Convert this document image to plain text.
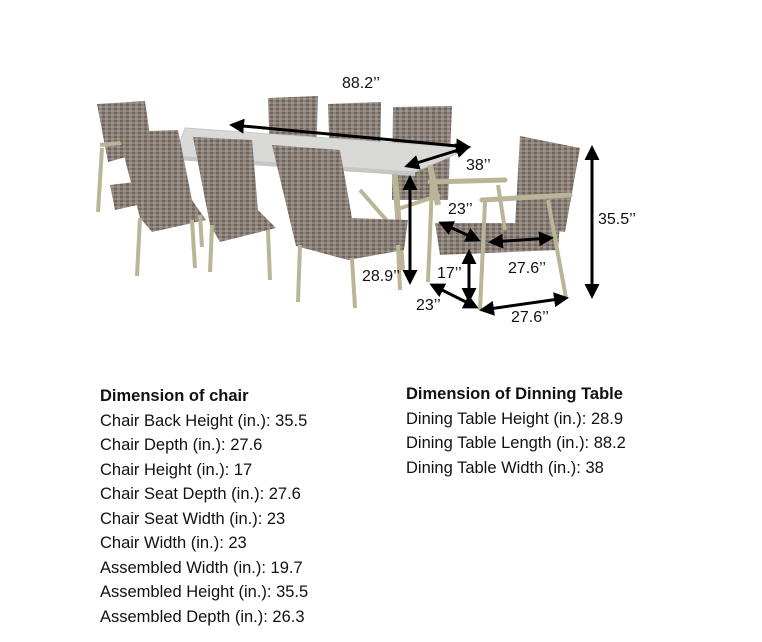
88.2’’
38’’
28.9’’
23’’
27.6’’
17’’
23’’
27.6’’
35.5’’
Dimension of chair
Chair Back Height (in.): 35.5
Chair Depth (in.): 27.6
Chair Height (in.): 17
Chair Seat Depth (in.): 27.6
Chair Seat Width (in.): 23
Chair Width (in.): 23
Assembled Width (in.): 19.7
Assembled Height (in.): 35.5
Assembled Depth (in.): 26.3
Dimension of Dinning Table
Dining Table Height (in.): 28.9
Dining Table Length (in.): 88.2
Dining Table Width (in.): 38
